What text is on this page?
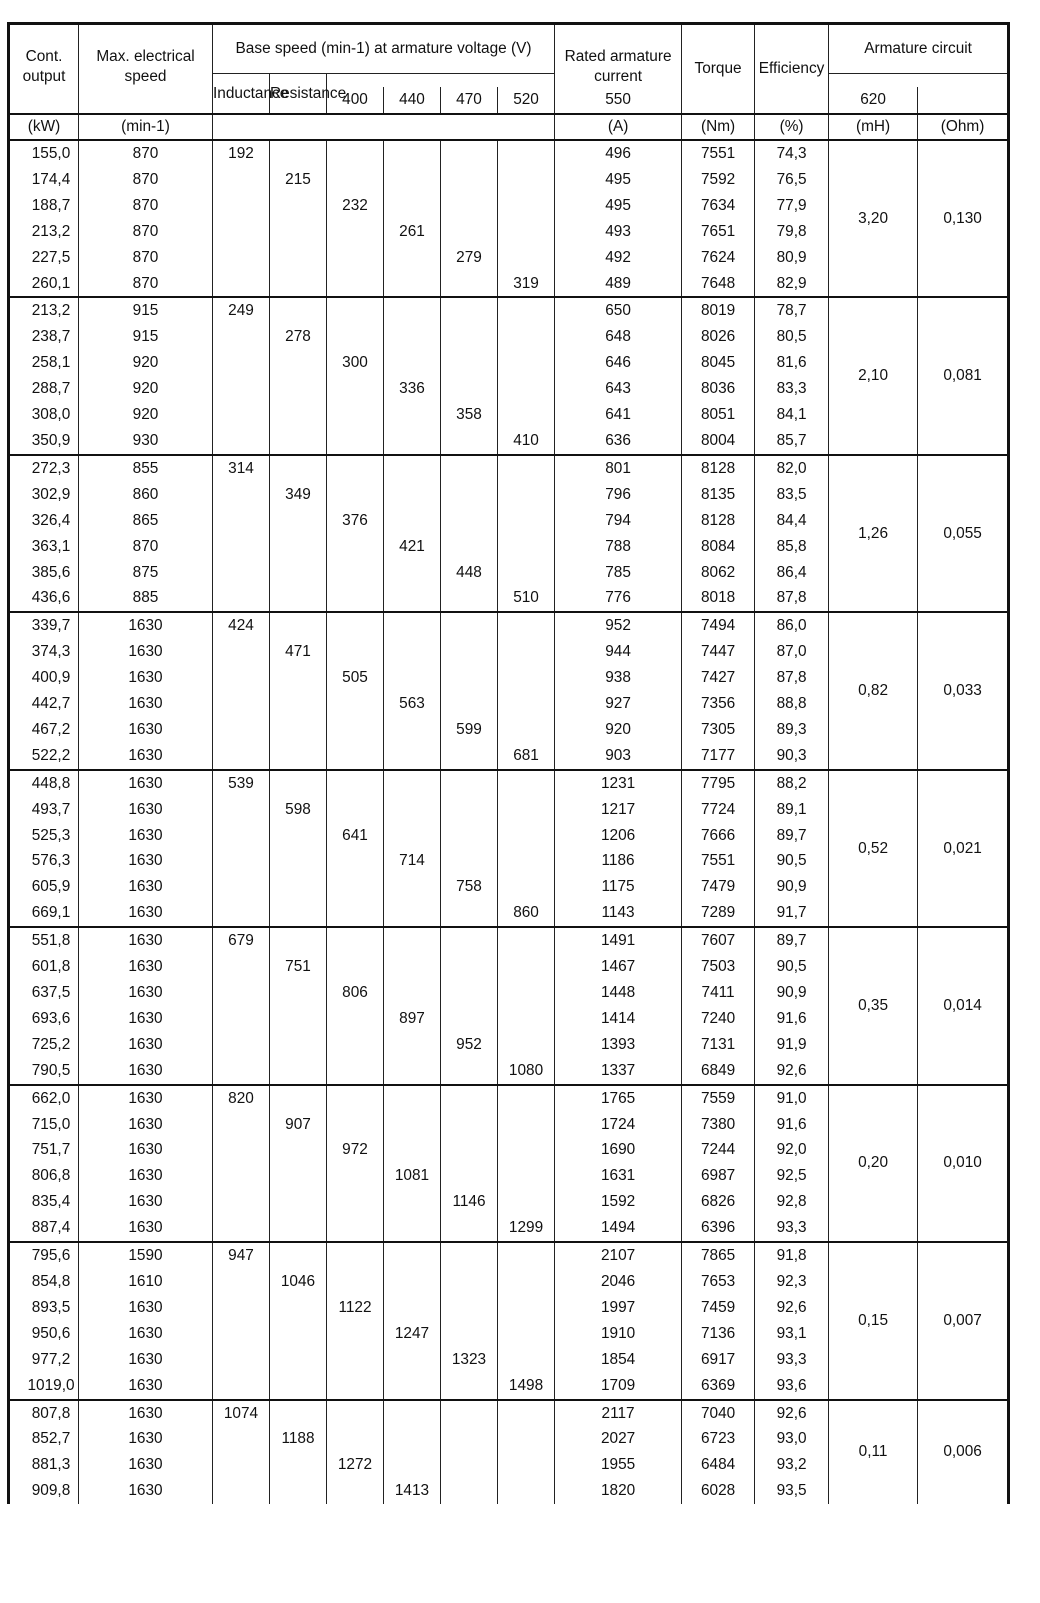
Cont. output	Max. electrical speed	Base speed (min-1) at armature voltage (V)						Rated armature current	Torque	Efficiency	Armature circuit	
		Inductance	Resistance									
				400	440	470	520	550			620	
(kW)	(min-1)							(A)	(Nm)	(%)	(mH)	(Ohm)
155,0	870	192						496	7551	74,3	3,20	0,130
174,4	870		215					495	7592	76,5		
188,7	870			232				495	7634	77,9		
213,2	870				261			493	7651	79,8		
227,5	870					279		492	7624	80,9		
260,1	870						319	489	7648	82,9		
213,2	915	249						650	8019	78,7	2,10	0,081
238,7	915		278					648	8026	80,5		
258,1	920			300				646	8045	81,6		
288,7	920				336			643	8036	83,3		
308,0	920					358		641	8051	84,1		
350,9	930						410	636	8004	85,7		
272,3	855	314						801	8128	82,0	1,26	0,055
302,9	860		349					796	8135	83,5		
326,4	865			376				794	8128	84,4		
363,1	870				421			788	8084	85,8		
385,6	875					448		785	8062	86,4		
436,6	885						510	776	8018	87,8		
339,7	1630	424						952	7494	86,0	0,82	0,033
374,3	1630		471					944	7447	87,0		
400,9	1630			505				938	7427	87,8		
442,7	1630				563			927	7356	88,8		
467,2	1630					599		920	7305	89,3		
522,2	1630						681	903	7177	90,3		
448,8	1630	539						1231	7795	88,2	0,52	0,021
493,7	1630		598					1217	7724	89,1		
525,3	1630			641				1206	7666	89,7		
576,3	1630				714			1186	7551	90,5		
605,9	1630					758		1175	7479	90,9		
669,1	1630						860	1143	7289	91,7		
551,8	1630	679						1491	7607	89,7	0,35	0,014
601,8	1630		751					1467	7503	90,5		
637,5	1630			806				1448	7411	90,9		
693,6	1630				897			1414	7240	91,6		
725,2	1630					952		1393	7131	91,9		
790,5	1630						1080	1337	6849	92,6		
662,0	1630	820						1765	7559	91,0	0,20	0,010
715,0	1630		907					1724	7380	91,6		
751,7	1630			972				1690	7244	92,0		
806,8	1630				1081			1631	6987	92,5		
835,4	1630					1146		1592	6826	92,8		
887,4	1630						1299	1494	6396	93,3		
795,6	1590	947						2107	7865	91,8	0,15	0,007
854,8	1610		1046					2046	7653	92,3		
893,5	1630			1122				1997	7459	92,6		
950,6	1630				1247			1910	7136	93,1		
977,2	1630					1323		1854	6917	93,3		
1019,0	1630						1498	1709	6369	93,6		
807,8	1630	1074						2117	7040	92,6	0,11	0,006
852,7	1630		1188					2027	6723	93,0		
881,3	1630			1272				1955	6484	93,2		
909,8	1630				1413			1820	6028	93,5		
